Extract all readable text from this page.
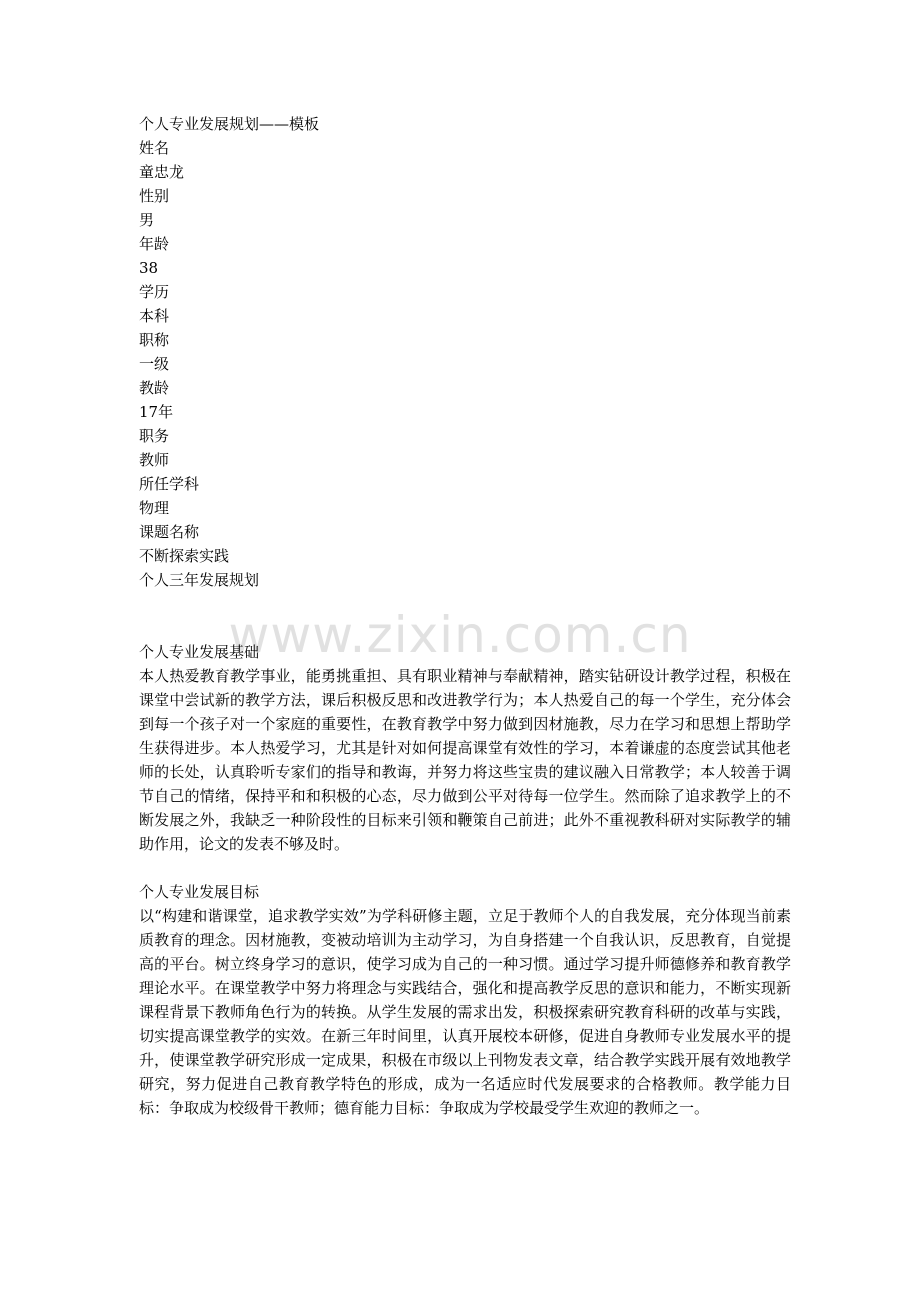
www.zixin.com.cn
个人专业发展规划——模板
姓名
童忠龙
性别
男
年龄
38
学历
本科
职称
一级
教龄
17年
职务
教师
所任学科
物理
课题名称
不断探索实践
个人三年发展规划
个人专业发展基础

本人热爱教育教学事业，能勇挑重担、具有职业精神与奉献精神，踏实钻研设计教学过程，积极在课堂中尝试新的教学方法，课后积极反思和改进教学行为；本人热爱自己的每一个学生，充分体会到每一个孩子对一个家庭的重要性，在教育教学中努力做到因材施教，尽力在学习和思想上帮助学生获得进步。本人热爱学习，尤其是针对如何提高课堂有效性的学习，本着谦虚的态度尝试其他老师的长处，认真聆听专家们的指导和教诲，并努力将这些宝贵的建议融入日常教学；本人较善于调节自己的情绪，保持平和和积极的心态，尽力做到公平对待每一位学生。然而除了追求教学上的不断发展之外，我缺乏一种阶段性的目标来引领和鞭策自己前进；此外不重视教科研对实际教学的辅助作用，论文的发表不够及时。

个人专业发展目标

以“构建和谐课堂，追求教学实效”为学科研修主题，立足于教师个人的自我发展，充分体现当前素质教育的理念。因材施教，变被动培训为主动学习，为自身搭建一个自我认识，反思教育，自觉提高的平台。树立终身学习的意识，使学习成为自己的一种习惯。通过学习提升师德修养和教育教学理论水平。在课堂教学中努力将理念与实践结合，强化和提高教学反思的意识和能力，不断实现新课程背景下教师角色行为的转换。从学生发展的需求出发，积极探索研究教育科研的改革与实践，切实提高课堂教学的实效。在新三年时间里，认真开展校本研修，促进自身教师专业发展水平的提升，使课堂教学研究形成一定成果，积极在市级以上刊物发表文章，结合教学实践开展有效地教学研究，努力促进自己教育教学特色的形成，成为一名适应时代发展要求的合格教师。教学能力目标：争取成为校级骨干教师；德育能力目标：争取成为学校最受学生欢迎的教师之一。
